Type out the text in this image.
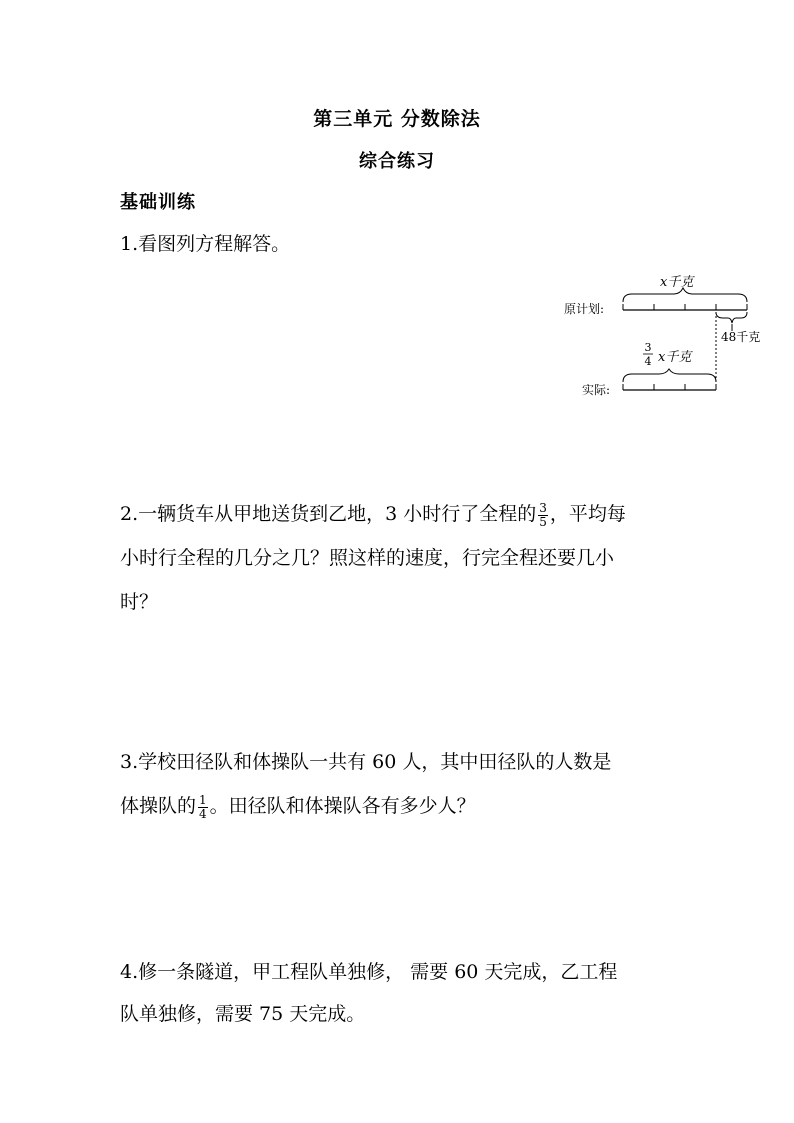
第三单元 分数除法
综合练习
基础训练
1.看图列方程解答。
原计划:
x千克
48千克
3
4 x千克
实际:
2.一辆货车从甲地送货到乙地，3 小时行了全程的 $\frac{3}{5}$ ，平均每
小时行全程的几分之几？照这样的速度，行完全程还要几小
时？
3.学校田径队和体操队一共有 60 人，其中田径队的人数是
体操队的 $\frac{1}{4}$ 。田径队和体操队各有多少人？
4.修一条隧道，甲工程队单独修， 需要 60 天完成，乙工程
队单独修，需要 75 天完成。
